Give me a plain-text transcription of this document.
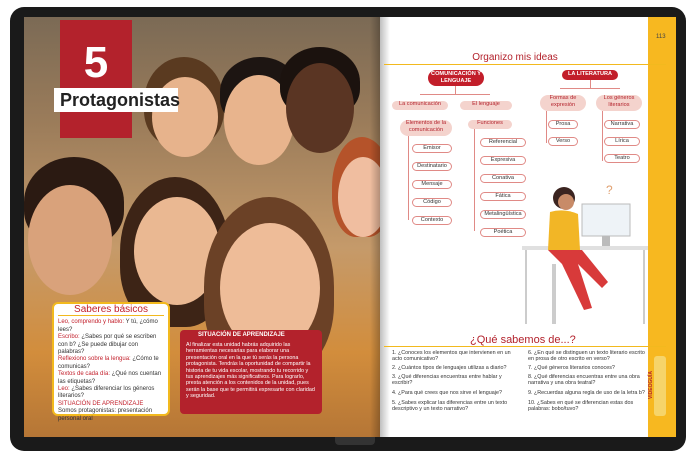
5
Protagonistas
Saberes básicos
Leo, comprendo y hablo: Y tú, ¿cómo lees?
Escribo: ¿Sabes por qué se escriben con b? ¿Se puede dibujar con palabras?
Reflexiono sobre la lengua: ¿Cómo te comunicas?
Textos de cada día: ¿Qué nos cuentan las etiquetas?
Leo: ¿Sabes diferenciar los géneros literarios?
SITUACIÓN DE APRENDIZAJE
Somos protagonistas: presentación personal oral
SITUACIÓN DE APRENDIZAJE
Al finalizar esta unidad habrás adquirido las herramientas necesarias para elaborar una presentación oral en la que tú serás la persona protagonista. Tendrás la oportunidad de compartir la historia de tu vida escolar, mostrando tu recorrido y tus aprendizajes más significativos. Para lograrlo, presta atención a los contenidos de la unidad, pues serán la base que te permitirá expresarte con claridad y seguridad.
113
Organizo mis ideas
COMUNICACIÓN Y LENGUAJE
La comunicación	El lenguaje
Elementos de la comunicación
Emisor
Destinatario
Mensaje
Código
Contexto
Funciones
Referencial
Expresiva
Conativa
Fática
Metalingüística
Poética
LA LITERATURA
Formas de expresión
Los géneros literarios
Prosa
Verso
Narrativa
Lírica
Teatro
?
¿Qué sabemos de...?
1. ¿Conoces los elementos que intervienen en un acto comunicativo?
2. ¿Cuántos tipos de lenguajes utilizas a diario?
3. ¿Qué diferencias encuentras entre hablar y escribir?
4. ¿Para qué crees que nos sirve el lenguaje?
5. ¿Sabes explicar las diferencias entre un texto descriptivo y un texto narrativo?
6. ¿En qué se distinguen un texto literario escrito en prosa de otro escrito en verso?
7. ¿Qué géneros literarios conoces?
8. ¿Qué diferencias encuentras entre una obra narrativa y una obra teatral?
9. ¿Recuerdas alguna regla de uso de la letra b?
10. ¿Sabes en qué se diferencian estas dos palabras: bobo/tuvo?
VIDEOGUÍA
